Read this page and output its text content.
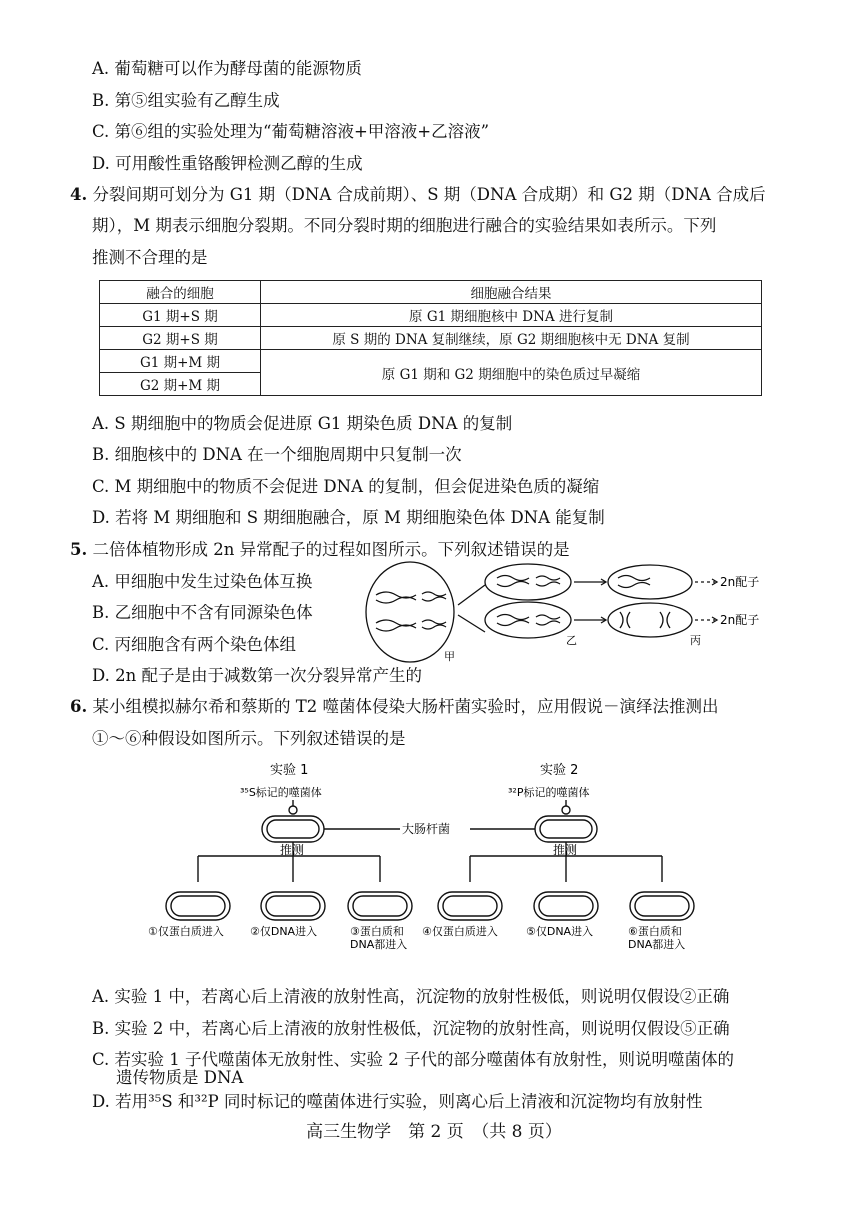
A. 葡萄糖可以作为酵母菌的能源物质
B. 第⑤组实验有乙醇生成
C. 第⑥组的实验处理为“葡萄糖溶液+甲溶液+乙溶液”
D. 可用酸性重铬酸钾检测乙醇的生成
4. 分裂间期可划分为 G1 期（DNA 合成前期）、S 期（DNA 合成期）和 G2 期（DNA 合成后
期），M 期表示细胞分裂期。不同分裂时期的细胞进行融合的实验结果如表所示。下列
推测不合理的是
融合的细胞	细胞融合结果
G1 期+S 期	原 G1 期细胞核中 DNA 进行复制
G2 期+S 期	原 S 期的 DNA 复制继续，原 G2 期细胞核中无 DNA 复制
G1 期+M 期	原 G1 期和 G2 期细胞中的染色质过早凝缩
G2 期+M 期	
A. S 期细胞中的物质会促进原 G1 期染色质 DNA 的复制
B. 细胞核中的 DNA 在一个细胞周期中只复制一次
C. M 期细胞中的物质不会促进 DNA 的复制，但会促进染色质的凝缩
D. 若将 M 期细胞和 S 期细胞融合，原 M 期细胞染色体 DNA 能复制
5. 二倍体植物形成 2n 异常配子的过程如图所示。下列叙述错误的是
A. 甲细胞中发生过染色体互换
B. 乙细胞中不含有同源染色体
C. 丙细胞含有两个染色体组
D. 2n 配子是由于减数第一次分裂异常产生的
2n配子
2n配子
甲
乙	丙
6. 某小组模拟赫尔希和蔡斯的 T2 噬菌体侵染大肠杆菌实验时，应用假说－演绎法推测出
①～⑥种假设如图所示。下列叙述错误的是
实验 1
³⁵S标记的噬菌体
实验 2
³²P标记的噬菌体
大肠杆菌
推测	推测
①仅蛋白质进入 ②仅DNA进入	③蛋白质和
DNA都进入
④仅蛋白质进入	⑤仅DNA进入	⑥蛋白质和
DNA都进入
A. 实验 1 中，若离心后上清液的放射性高，沉淀物的放射性极低，则说明仅假设②正确
B. 实验 2 中，若离心后上清液的放射性极低，沉淀物的放射性高，则说明仅假设⑤正确
C. 若实验 1 子代噬菌体无放射性、实验 2 子代的部分噬菌体有放射性，则说明噬菌体的
遗传物质是 DNA
高三生物学　第 2 页　（共 8 页）
D. 若用³⁵S 和³²P 同时标记的噬菌体进行实验，则离心后上清液和沉淀物均有放射性
